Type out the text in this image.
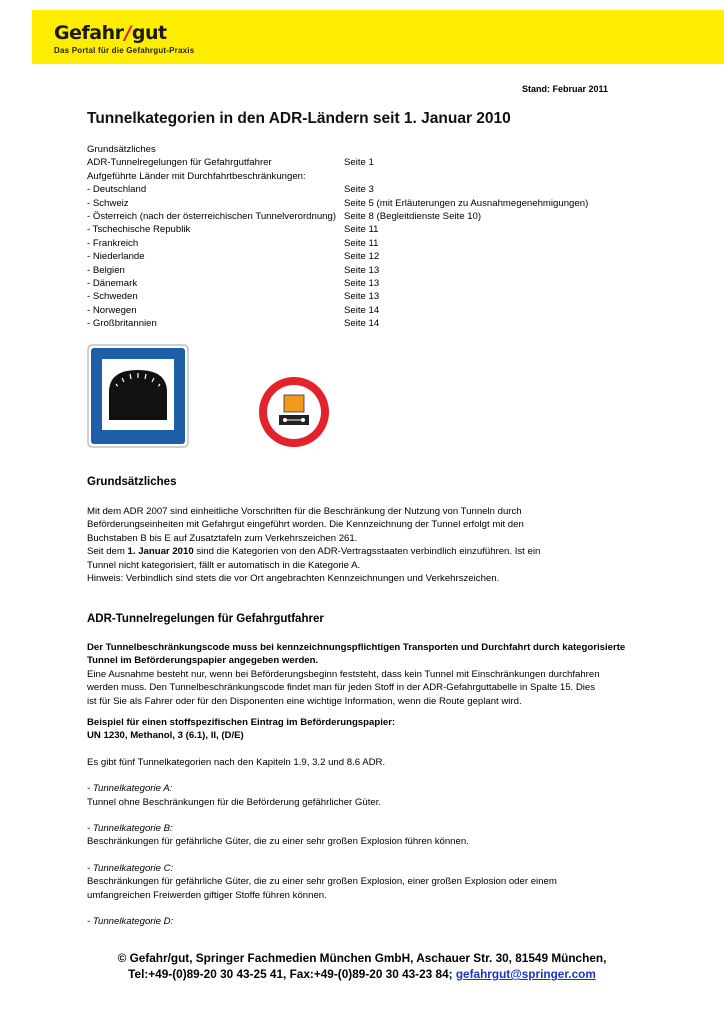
Gefahr/gut
Das Portal für die Gefahrgut-Praxis
Stand: Februar 2011
Tunnelkategorien in den ADR-Ländern seit 1. Januar 2010
Grundsätzliches
ADR-Tunnelregelungen für Gefahrgutfahrer	Seite 1
Aufgeführte Länder mit Durchfahrtbeschränkungen:
- Deutschland	Seite 3
- Schweiz	Seite 5 (mit Erläuterungen zu Ausnahmegenehmigungen)
- Österreich (nach der österreichischen Tunnelverordnung) Seite 8 (Begleitdienste Seite 10)
- Tschechische Republik	Seite 11
- Frankreich	Seite 11
- Niederlande	Seite 12
- Belgien	Seite 13
- Dänemark	Seite 13
- Schweden	Seite 13
- Norwegen	Seite 14
- Großbritannien	Seite 14
Grundsätzliches

Mit dem ADR 2007 sind einheitliche Vorschriften für die Beschränkung der Nutzung von Tunneln durch

Beförderungseinheiten mit Gefahrgut eingeführt worden. Die Kennzeichnung der Tunnel erfolgt mit den

Buchstaben B bis E auf Zusatztafeln zum Verkehrszeichen 261.

Seit dem 1. Januar 2010 sind die Kategorien von den ADR-Vertragsstaaten verbindlich einzuführen. Ist ein

Tunnel nicht kategorisiert, fällt er automatisch in die Kategorie A.

Hinweis: Verbindlich sind stets die vor Ort angebrachten Kennzeichnungen und Verkehrszeichen.

ADR-Tunnelregelungen für Gefahrgutfahrer

Der Tunnelbeschränkungscode muss bei kennzeichnungspflichtigen Transporten und Durchfahrt durch kategorisierte

Tunnel im Beförderungspapier angegeben werden.

Eine Ausnahme besteht nur, wenn bei Beförderungsbeginn feststeht, dass kein Tunnel mit Einschränkungen durchfahren

werden muss. Den Tunnelbeschränkungscode findet man für jeden Stoff in der ADR-Gefahrguttabelle in Spalte 15. Dies

ist für Sie als Fahrer oder für den Disponenten eine wichtige Information, wenn die Route geplant wird.

Beispiel für einen stoffspezifischen Eintrag im Beförderungspapier:

UN 1230, Methanol, 3 (6.1), II, (D/E)

Es gibt fünf Tunnelkategorien nach den Kapiteln 1.9, 3.2 und 8.6 ADR.

- Tunnelkategorie A:

Tunnel ohne Beschränkungen für die Beförderung gefährlicher Güter.

- Tunnelkategorie B:

Beschränkungen für gefährliche Güter, die zu einer sehr großen Explosion führen können.

- Tunnelkategorie C:

Beschränkungen für gefährliche Güter, die zu einer sehr großen Explosion, einer großen Explosion oder einem

umfangreichen Freiwerden giftiger Stoffe führen können.

- Tunnelkategorie D:

© Gefahr/gut, Springer Fachmedien München GmbH, Aschauer Str. 30, 81549 München,
Tel:+49-(0)89-20 30 43-25 41, Fax:+49-(0)89-20 30 43-23 84; gefahrgut@springer.com
